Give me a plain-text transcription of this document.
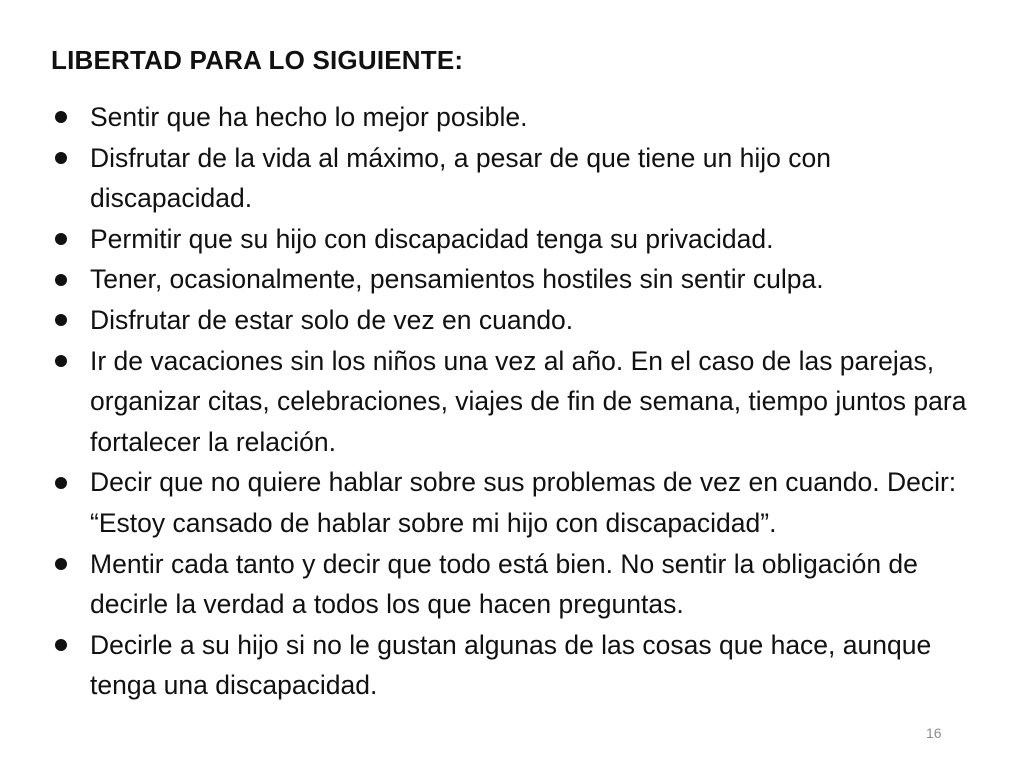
LIBERTAD PARA LO SIGUIENTE:
Sentir que ha hecho lo mejor posible.
Disfrutar de la vida al máximo, a pesar de que tiene un hijo con discapacidad.
Permitir que su hijo con discapacidad tenga su privacidad.
Tener, ocasionalmente, pensamientos hostiles sin sentir culpa.
Disfrutar de estar solo de vez en cuando.
Ir de vacaciones sin los niños una vez al año. En el caso de las parejas, organizar citas, celebraciones, viajes de fin de semana, tiempo juntos para fortalecer la relación.
Decir que no quiere hablar sobre sus problemas de vez en cuando. Decir: “Estoy cansado de hablar sobre mi hijo con discapacidad”.
Mentir cada tanto y decir que todo está bien. No sentir la obligación de decirle la verdad a todos los que hacen preguntas.
Decirle a su hijo si no le gustan algunas de las cosas que hace, aunque tenga una discapacidad.
16
